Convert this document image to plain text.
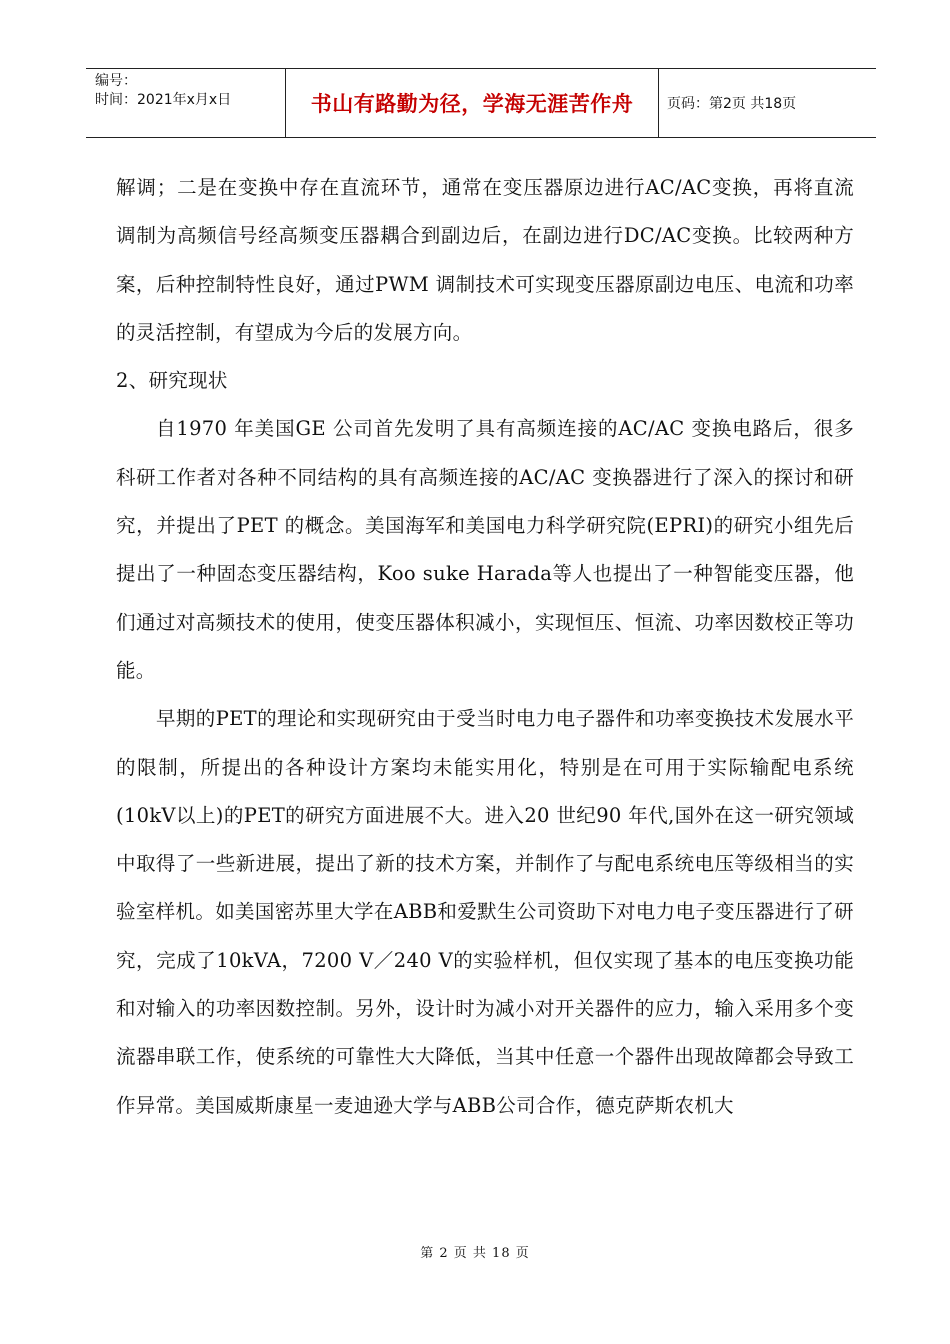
编号：
时间：2021年x月x日	书山有路勤为径，学海无涯苦作舟	页码：第2页 共18页

解调；二是在变换中存在直流环节，通常在变压器原边进行AC/AC变换，再将直流调制为高频信号经高频变压器耦合到副边后，在副边进行DC/AC变换。比较两种方案，后种控制特性良好，通过PWM 调制技术可实现变压器原副边电压、电流和功率的灵活控制，有望成为今后的发展方向。

2、研究现状

自1970 年美国GE 公司首先发明了具有高频连接的AC/AC 变换电路后，很多科研工作者对各种不同结构的具有高频连接的AC/AC 变换器进行了深入的探讨和研究，并提出了PET 的概念。美国海军和美国电力科学研究院(EPRI)的研究小组先后提出了一种固态变压器结构，Koo suke Harada等人也提出了一种智能变压器，他们通过对高频技术的使用，使变压器体积减小，实现恒压、恒流、功率因数校正等功能。

早期的PET的理论和实现研究由于受当时电力电子器件和功率变换技术发展水平的限制，所提出的各种设计方案均未能实用化，特别是在可用于实际输配电系统(10kV以上)的PET的研究方面进展不大。进入20 世纪90 年代,国外在这一研究领域中取得了一些新进展，提出了新的技术方案，并制作了与配电系统电压等级相当的实验室样机。如美国密苏里大学在ABB和爱默生公司资助下对电力电子变压器进行了研究，完成了10kVA，7200 V／240 V的实验样机，但仅实现了基本的电压变换功能和对输入的功率因数控制。另外，设计时为减小对开关器件的应力，输入采用多个变流器串联工作，使系统的可靠性大大降低，当其中任意一个器件出现故障都会导致工作异常。美国威斯康星一麦迪逊大学与ABB公司合作，德克萨斯农机大

第 2 页 共 18 页
